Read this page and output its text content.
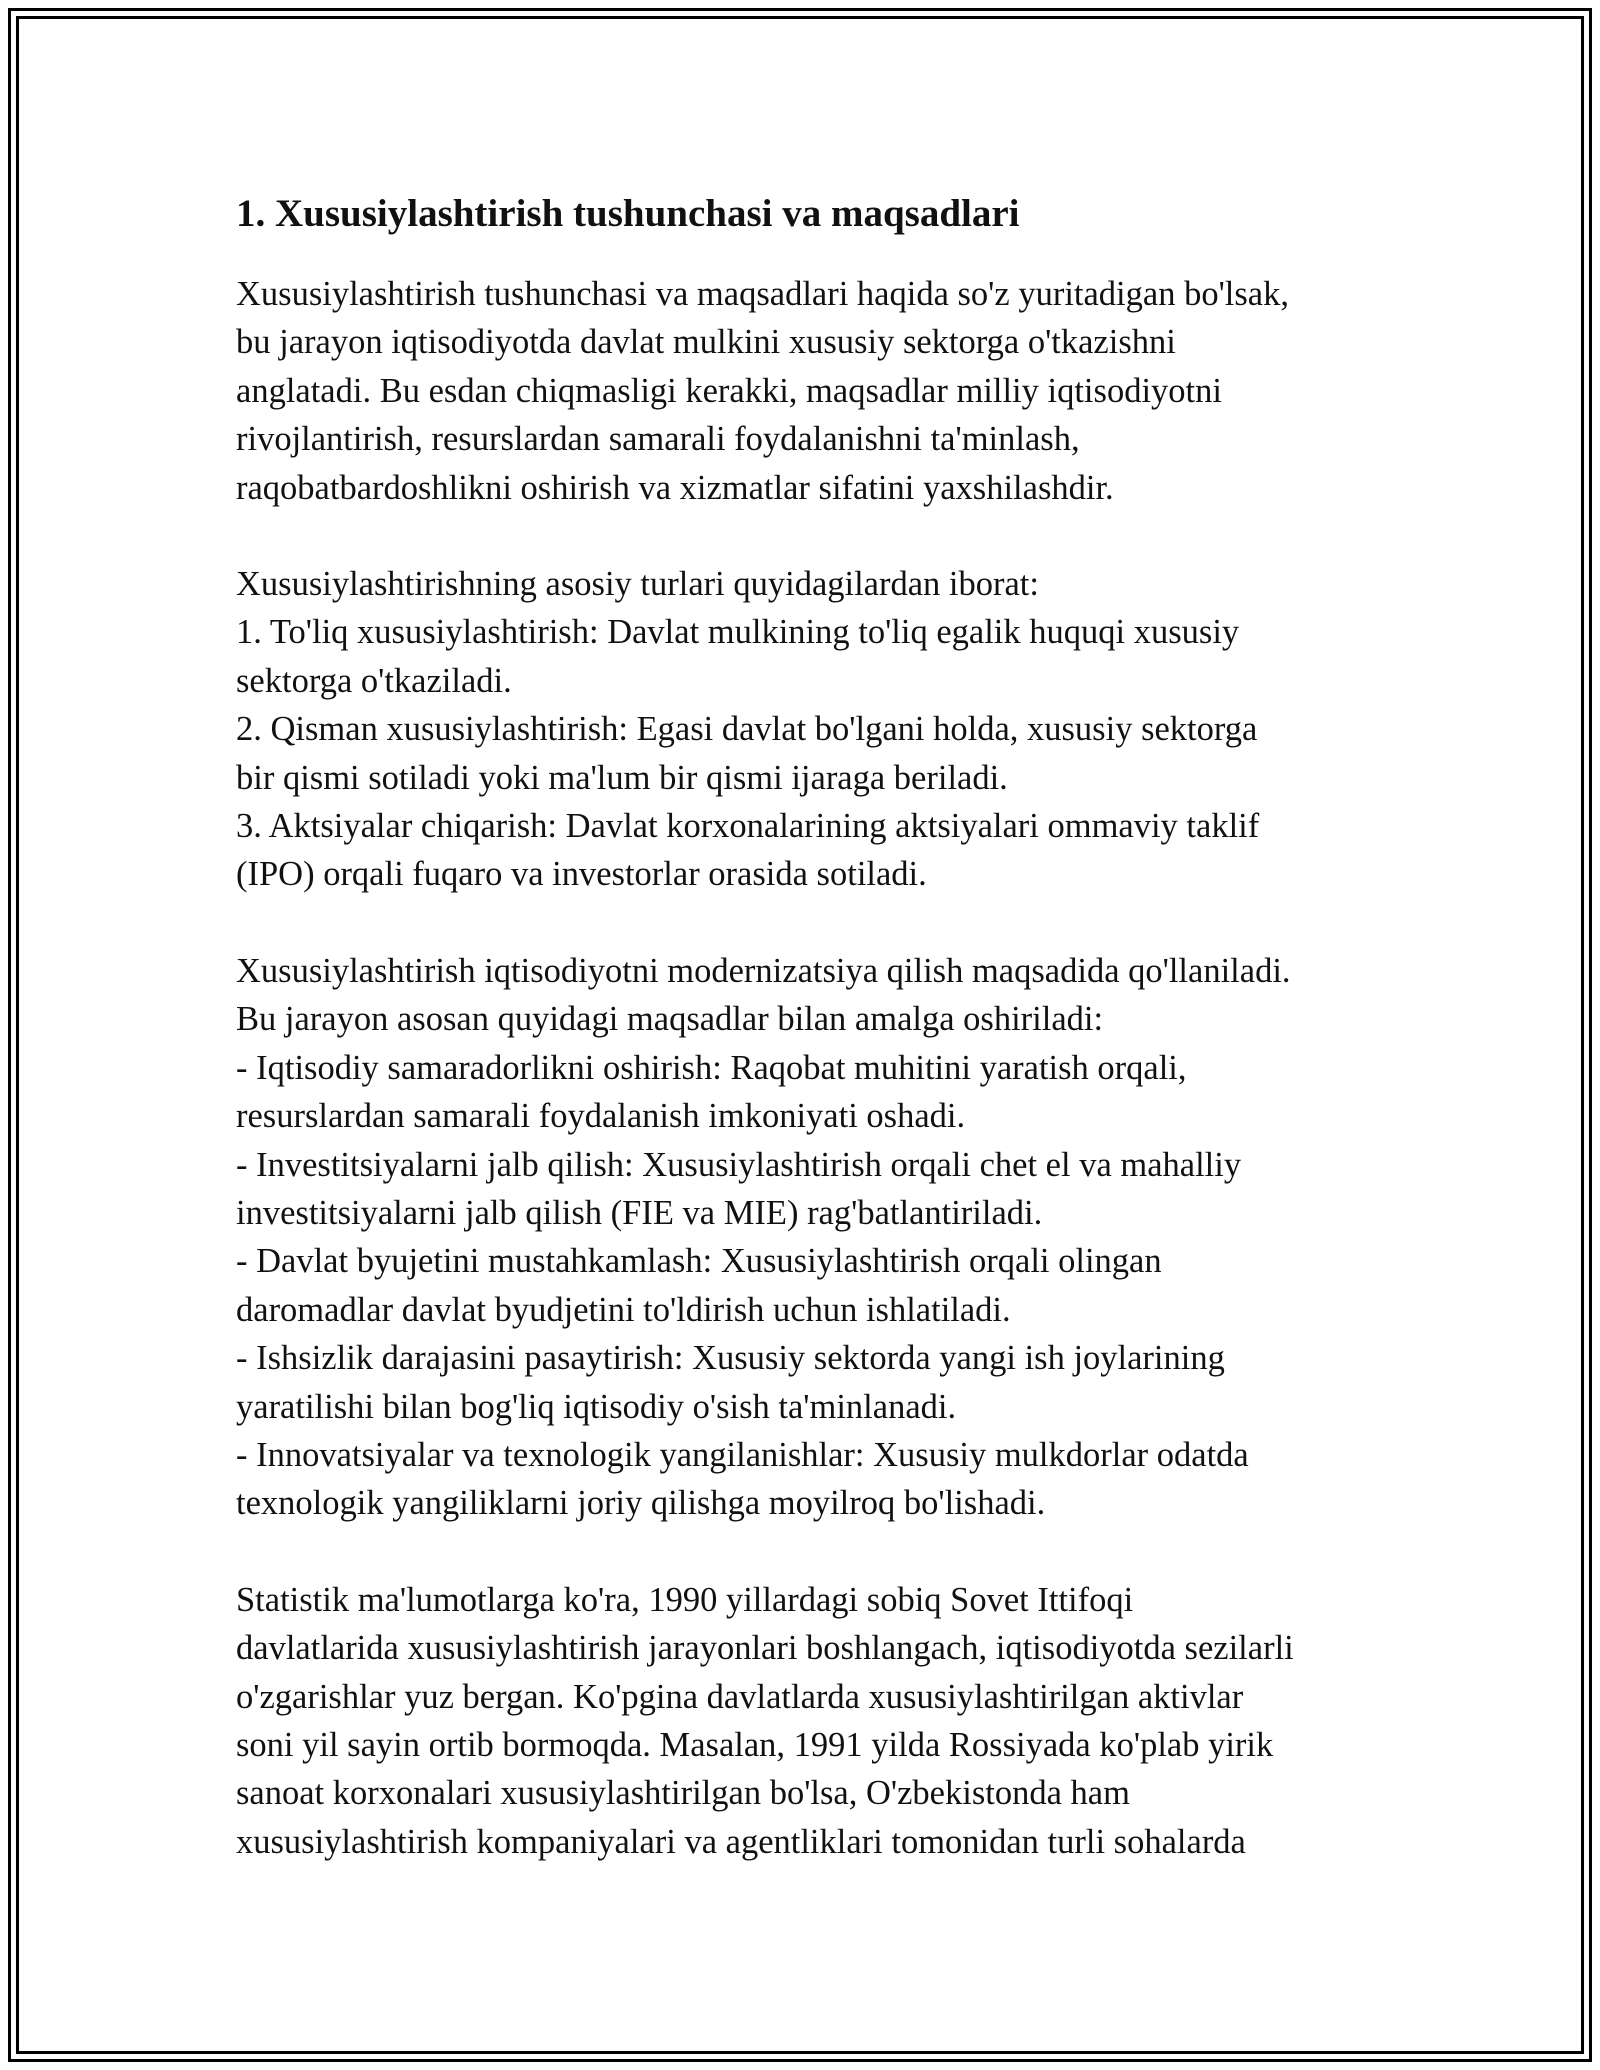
1. Xususiylashtirish tushunchasi va maqsadlari
Xususiylashtirish tushunchasi va maqsadlari haqida so'z yuritadigan bo'lsak,
bu jarayon iqtisodiyotda davlat mulkini xususiy sektorga o'tkazishni
anglatadi. Bu esdan chiqmasligi kerakki, maqsadlar milliy iqtisodiyotni
rivojlantirish, resurslardan samarali foydalanishni ta'minlash,
raqobatbardoshlikni oshirish va xizmatlar sifatini yaxshilashdir.
Xususiylashtirishning asosiy turlari quyidagilardan iborat:
1. To'liq xususiylashtirish: Davlat mulkining to'liq egalik huquqi xususiy
sektorga o'tkaziladi.
2. Qisman xususiylashtirish: Egasi davlat bo'lgani holda, xususiy sektorga
bir qismi sotiladi yoki ma'lum bir qismi ijaraga beriladi.
3. Aktsiyalar chiqarish: Davlat korxonalarining aktsiyalari ommaviy taklif
(IPO) orqali fuqaro va investorlar orasida sotiladi.
Xususiylashtirish iqtisodiyotni modernizatsiya qilish maqsadida qo'llaniladi.
Bu jarayon asosan quyidagi maqsadlar bilan amalga oshiriladi:
- Iqtisodiy samaradorlikni oshirish: Raqobat muhitini yaratish orqali,
resurslardan samarali foydalanish imkoniyati oshadi.
- Investitsiyalarni jalb qilish: Xususiylashtirish orqali chet el va mahalliy
investitsiyalarni jalb qilish (FIE va MIE) rag'batlantiriladi.
- Davlat byujetini mustahkamlash: Xususiylashtirish orqali olingan
daromadlar davlat byudjetini to'ldirish uchun ishlatiladi.
- Ishsizlik darajasini pasaytirish: Xususiy sektorda yangi ish joylarining
yaratilishi bilan bog'liq iqtisodiy o'sish ta'minlanadi.
- Innovatsiyalar va texnologik yangilanishlar: Xususiy mulkdorlar odatda
texnologik yangiliklarni joriy qilishga moyilroq bo'lishadi.
Statistik ma'lumotlarga ko'ra, 1990 yillardagi sobiq Sovet Ittifoqi
davlatlarida xususiylashtirish jarayonlari boshlangach, iqtisodiyotda sezilarli
o'zgarishlar yuz bergan. Ko'pgina davlatlarda xususiylashtirilgan aktivlar
soni yil sayin ortib bormoqda. Masalan, 1991 yilda Rossiyada ko'plab yirik
sanoat korxonalari xususiylashtirilgan bo'lsa, O'zbekistonda ham
xususiylashtirish kompaniyalari va agentliklari tomonidan turli sohalarda
